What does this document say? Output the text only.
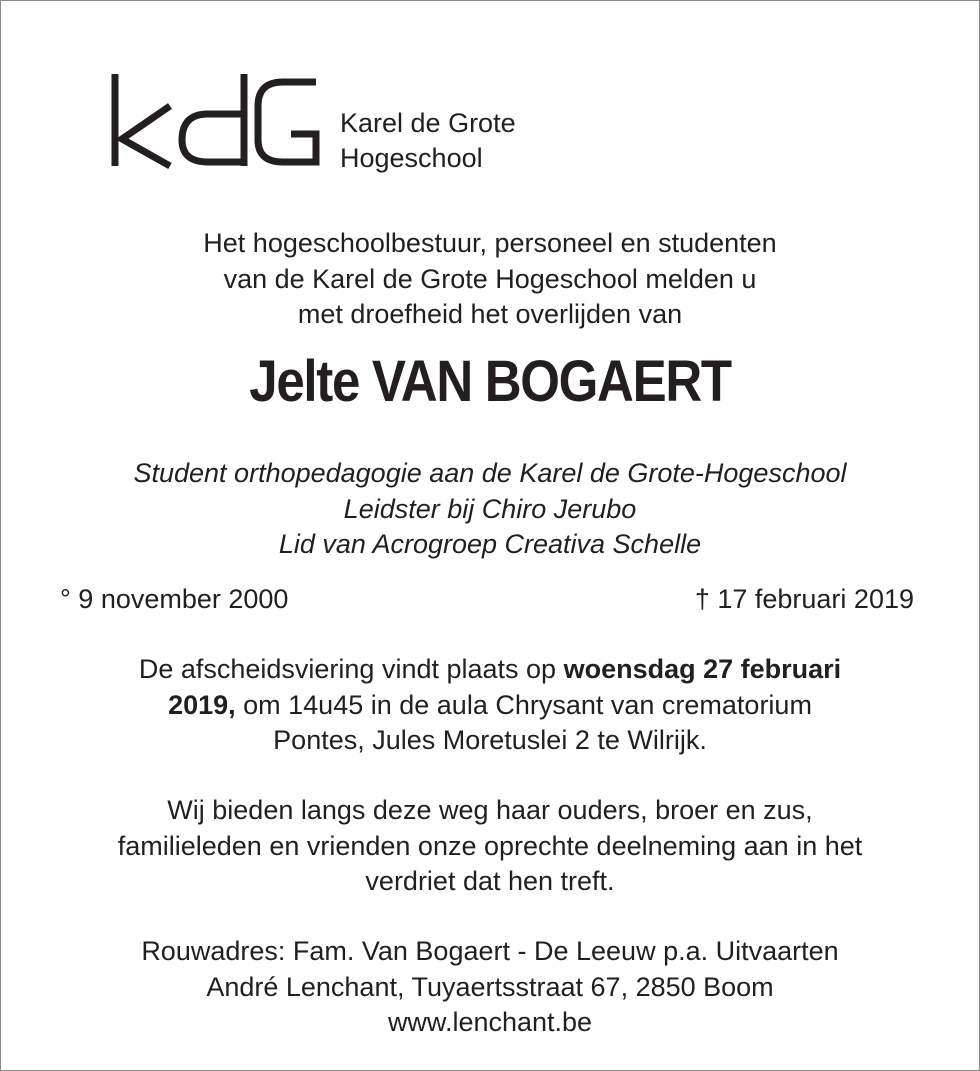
Karel de Grote
Hogeschool
Het hogeschoolbestuur, personeel en studenten
van de Karel de Grote Hogeschool melden u
met droefheid het overlijden van
Jelte VAN BOGAERT
Student orthopedagogie aan de Karel de Grote-Hogeschool
Leidster bij Chiro Jerubo
Lid van Acrogroep Creativa Schelle
° 9 november 2000	† 17 februari 2019
De afscheidsviering vindt plaats op woensdag 27 februari
2019, om 14u45 in de aula Chrysant van crematorium
Pontes, Jules Moretuslei 2 te Wilrijk.
Wij bieden langs deze weg haar ouders, broer en zus,
familieleden en vrienden onze oprechte deelneming aan in het
verdriet dat hen treft.
Rouwadres: Fam. Van Bogaert - De Leeuw p.a. Uitvaarten
André Lenchant, Tuyaertsstraat 67, 2850 Boom
www.lenchant.be
